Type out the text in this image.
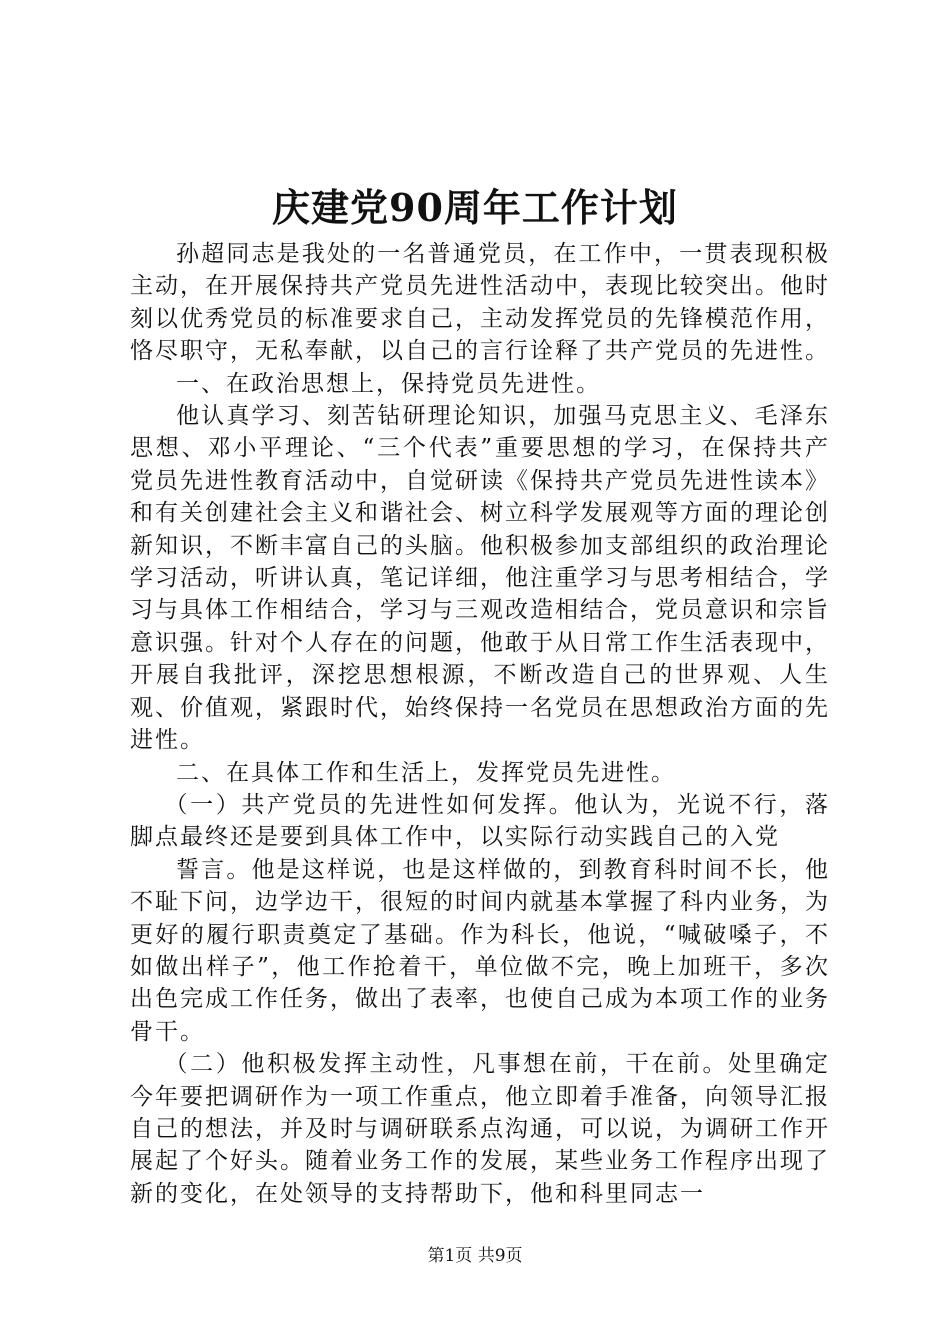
庆建党90周年工作计划

孙超同志是我处的一名普通党员，在工作中，一贯表现积极主动，在开展保持共产党员先进性活动中，表现比较突出。他时刻以优秀党员的标准要求自己，主动发挥党员的先锋模范作用，恪尽职守，无私奉献，以自己的言行诠释了共产党员的先进性。

一、在政治思想上，保持党员先进性。

他认真学习、刻苦钻研理论知识，加强马克思主义、毛泽东思想、邓小平理论、“三个代表”重要思想的学习，在保持共产党员先进性教育活动中，自觉研读《保持共产党员先进性读本》和有关创建社会主义和谐社会、树立科学发展观等方面的理论创新知识，不断丰富自己的头脑。他积极参加支部组织的政治理论学习活动，听讲认真，笔记详细，他注重学习与思考相结合，学习与具体工作相结合，学习与三观改造相结合，党员意识和宗旨意识强。针对个人存在的问题，他敢于从日常工作生活表现中，开展自我批评，深挖思想根源，不断改造自己的世界观、人生观、价值观，紧跟时代，始终保持一名党员在思想政治方面的先进性。

二、在具体工作和生活上，发挥党员先进性。

（一）共产党员的先进性如何发挥。他认为，光说不行，落脚点最终还是要到具体工作中，以实际行动实践自己的入党

誓言。他是这样说，也是这样做的，到教育科时间不长，他不耻下问，边学边干，很短的时间内就基本掌握了科内业务，为更好的履行职责奠定了基础。作为科长，他说，“喊破嗓子，不如做出样子”，他工作抢着干，单位做不完，晚上加班干，多次出色完成工作任务，做出了表率，也使自己成为本项工作的业务骨干。

（二）他积极发挥主动性，凡事想在前，干在前。处里确定今年要把调研作为一项工作重点，他立即着手准备，向领导汇报自己的想法，并及时与调研联系点沟通，可以说，为调研工作开展起了个好头。随着业务工作的发展，某些业务工作程序出现了新的变化，在处领导的支持帮助下，他和科里同志一

第1页 共9页
